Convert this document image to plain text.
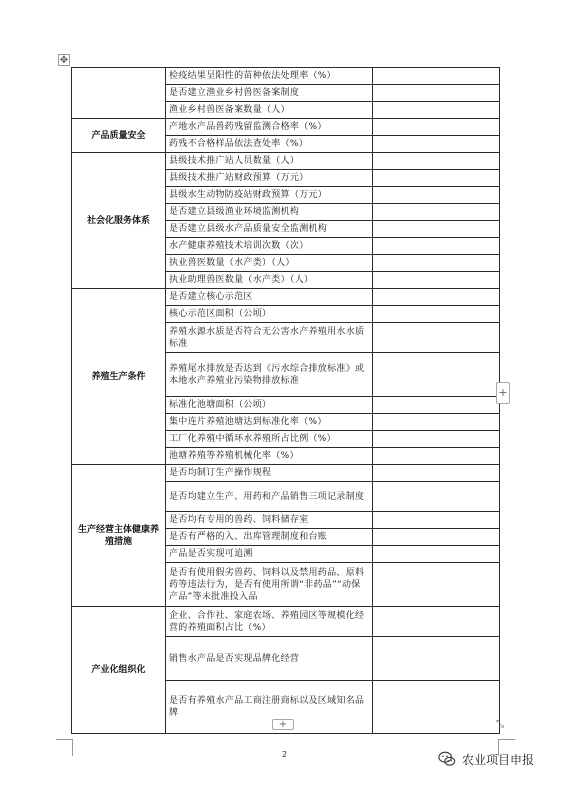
✥
	检疫结果呈阳性的苗种依法处理率（%）	
	是否建立渔业乡村兽医备案制度	
	渔业乡村兽医备案数量（人）	
产品质量安全	产地水产品兽药残留监测合格率（%）	
	药残不合格样品依法查处率（%）	
社会化服务体系	县级技术推广站人员数量（人）	
	县级技术推广站财政预算（万元）	
	县级水生动物防疫站财政预算（万元）	
	是否建立县级渔业环境监测机构	
	是否建立县级水产品质量安全监测机构	
	水产健康养殖技术培训次数（次）	
	执业兽医数量（水产类）（人）	
	执业助理兽医数量（水产类）（人）	
养殖生产条件	是否建立核心示范区	
	核心示范区面积（公顷）	
	养殖水源水质是否符合无公害水产养殖用水水质标准	
	养殖尾水排放是否达到《污水综合排放标准》或本地水产养殖业污染物排放标准	
	标准化池塘面积（公顷）	
	集中连片养殖池塘达到标准化率（%）	
	工厂化养殖中循环水养殖所占比例（%）	
	池塘养殖等养殖机械化率（%）	
生产经营主体健康养殖措施	是否均制订生产操作规程	
	是否均建立生产、用药和产品销售三项记录制度	
	是否均有专用的兽药、饲料储存室	
	是否有严格的入、出库管理制度和台账	
	产品是否实现可追溯	
	是否有使用假劣兽药、饲料以及禁用药品、原料药等违法行为，是否有使用所谓“非药品”“动保产品”等未批准投入品	
产业化组织化	企业、合作社、家庭农场、养殖园区等规模化经营的养殖面积占比（%）	
	销售水产品是否实现品牌化经营	
	是否有养殖水产品工商注册商标以及区域知名品牌	
+
+	⤡
2	农业项目申报
